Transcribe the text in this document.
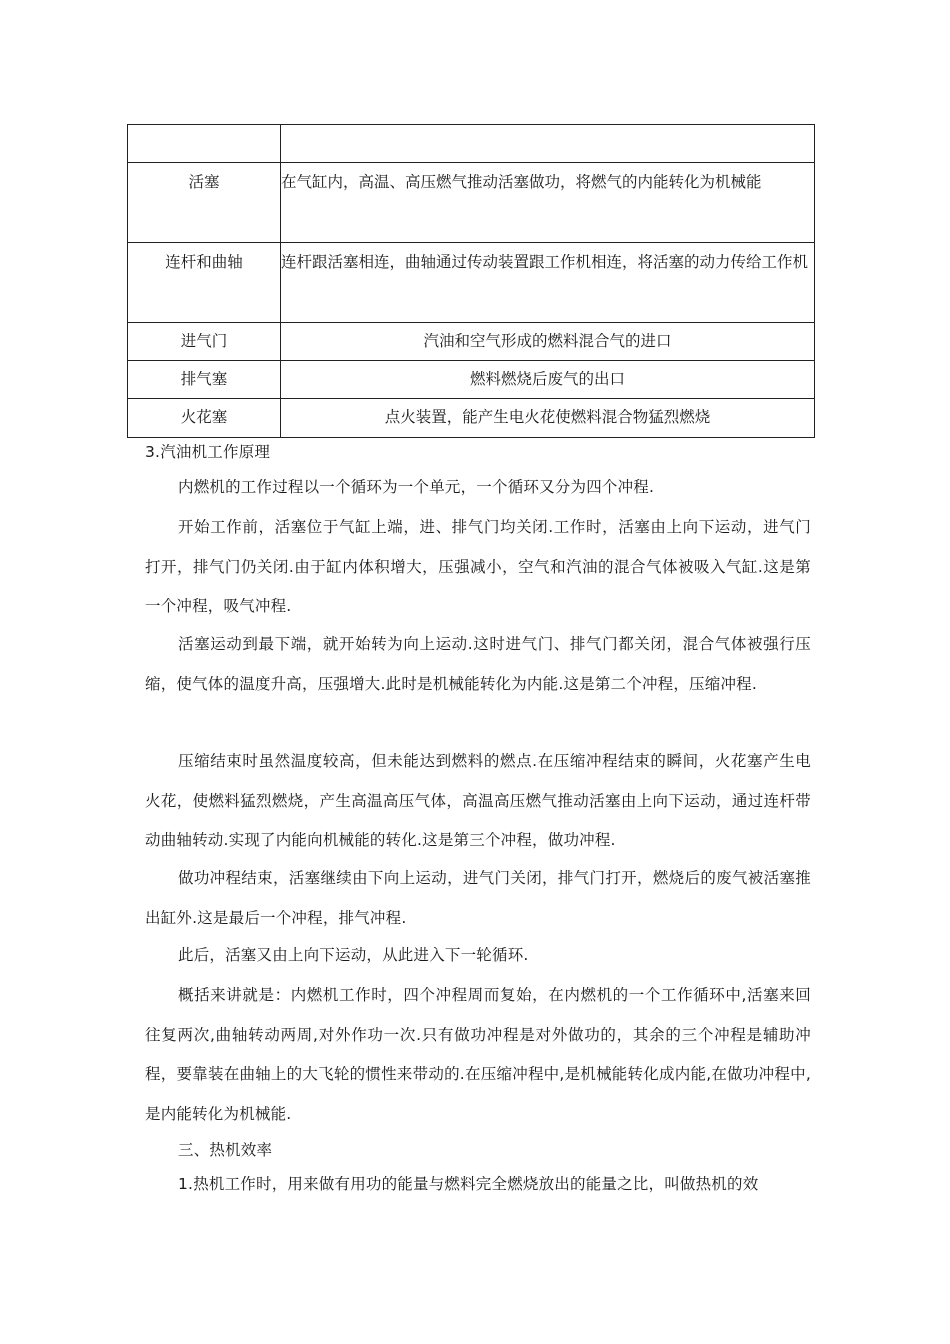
活塞	在气缸内，高温、高压燃气推动活塞做功，将燃气的内能转化为机械能

连杆和曲轴	连杆跟活塞相连，曲轴通过传动装置跟工作机相连，将活塞的动力传给工作机

进气门	汽油和空气形成的燃料混合气的进口

排气塞	燃料燃烧后废气的出口

火花塞	点火装置，能产生电火花使燃料混合物猛烈燃烧
3.汽油机工作原理
内燃机的工作过程以一个循环为一个单元，一个循环又分为四个冲程.
开始工作前，活塞位于气缸上端，进、排气门均关闭.工作时，活塞由上向下运动，进气门打开，排气门仍关闭.由于缸内体积增大，压强减小，空气和汽油的混合气体被吸入气缸.这是第一个冲程，吸气冲程.
活塞运动到最下端，就开始转为向上运动.这时进气门、排气门都关闭，混合气体被强行压缩，使气体的温度升高，压强增大.此时是机械能转化为内能.这是第二个冲程，压缩冲程.
压缩结束时虽然温度较高，但未能达到燃料的燃点.在压缩冲程结束的瞬间，火花塞产生电火花，使燃料猛烈燃烧，产生高温高压气体，高温高压燃气推动活塞由上向下运动，通过连杆带动曲轴转动.实现了内能向机械能的转化.这是第三个冲程，做功冲程.
做功冲程结束，活塞继续由下向上运动，进气门关闭，排气门打开，燃烧后的废气被活塞推出缸外.这是最后一个冲程，排气冲程.
此后，活塞又由上向下运动，从此进入下一轮循环.
概括来讲就是：内燃机工作时，四个冲程周而复始，在内燃机的一个工作循环中,活塞来回往复两次,曲轴转动两周,对外作功一次.只有做功冲程是对外做功的，其余的三个冲程是辅助冲程，要靠装在曲轴上的大飞轮的惯性来带动的.在压缩冲程中,是机械能转化成内能,在做功冲程中,是内能转化为机械能.
三、热机效率
1.热机工作时，用来做有用功的能量与燃料完全燃烧放出的能量之比，叫做热机的效
